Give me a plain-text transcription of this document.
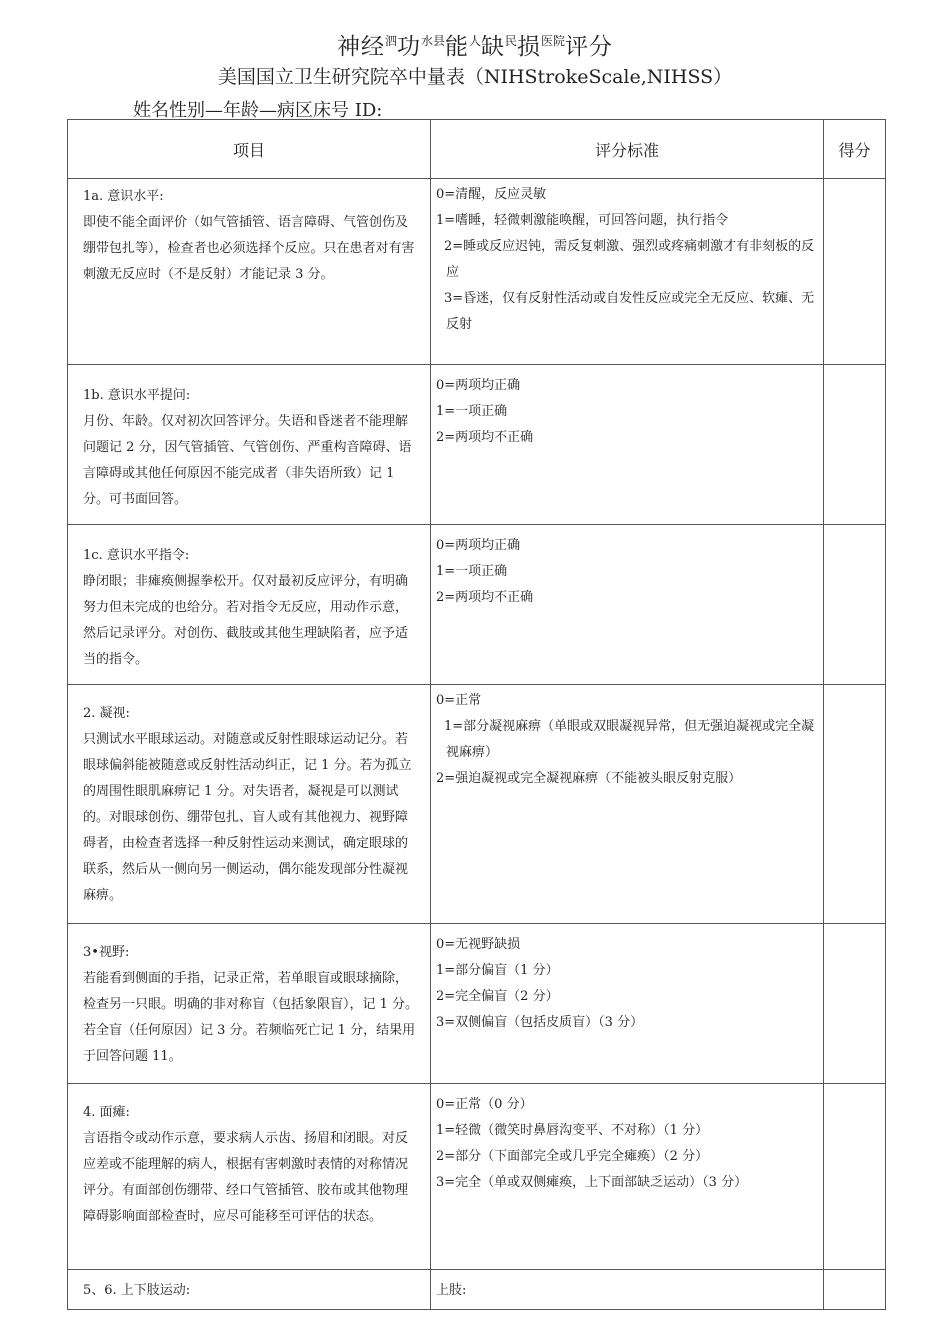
神经$^泗$功$^{水县}$能$^人$缺$^民$损$^{医院}$评分
美国国立卫生研究院卒中量表（NIHStrokeScale,NIHSS）
姓名性别—年龄—病区床号 ID:
项目	评分标准	得分

1a. 意识水平:
即使不能全面评价（如气管插管、语言障碍、气管创伤及绷带包扎等），检查者也必须选择个反应。只在患者对有害刺激无反应时（不是反射）才能记录 3 分。	0=清醒，反应灵敏
1=嗜睡，轻微刺激能唤醒，可回答问题，执行指令
2=睡或反应迟钝，需反复刺激、强烈或疼痛刺激才有非刻板的反应
3=昏迷，仅有反射性活动或自发性反应或完全无反应、软瘫、无反射	

1b. 意识水平提问:
月份、年龄。仅对初次回答评分。失语和昏迷者不能理解问题记 2 分，因气管插管、气管创伤、严重构音障碍、语言障碍或其他任何原因不能完成者（非失语所致）记 1 分。可书面回答。	0=两项均正确
1=一项正确
2=两项均不正确	

1c. 意识水平指令:
睁闭眼；非瘫痪侧握拳松开。仅对最初反应评分，有明确努力但未完成的也给分。若对指令无反应，用动作示意，然后记录评分。对创伤、截肢或其他生理缺陷者，应予适当的指令。	0=两项均正确
1=一项正确
2=两项均不正确	

2. 凝视:
只测试水平眼球运动。对随意或反射性眼球运动记分。若眼球偏斜能被随意或反射性活动纠正，记 1 分。若为孤立的周围性眼肌麻痹记 1 分。对失语者，凝视是可以测试的。对眼球创伤、绷带包扎、盲人或有其他视力、视野障碍者，由检查者选择一种反射性运动来测试，确定眼球的联系，然后从一侧向另一侧运动，偶尔能发现部分性凝视麻痹。	0=正常
1=部分凝视麻痹（单眼或双眼凝视异常，但无强迫凝视或完全凝视麻痹）
2=强迫凝视或完全凝视麻痹（不能被头眼反射克服）	

3•视野:
若能看到侧面的手指，记录正常，若单眼盲或眼球摘除，检查另一只眼。明确的非对称盲（包括象限盲），记 1 分。若全盲（任何原因）记 3 分。若频临死亡记 1 分，结果用于回答问题 11。	0=无视野缺损
1=部分偏盲（1 分）
2=完全偏盲（2 分）
3=双侧偏盲（包括皮质盲）（3 分）	

4. 面瘫:
言语指令或动作示意，要求病人示齿、扬眉和闭眼。对反应差或不能理解的病人，根据有害刺激时表情的对称情况评分。有面部创伤绷带、经口气管插管、胶布或其他物理障碍影响面部检查时，应尽可能移至可评估的状态。	0=正常（0 分）
1=轻微（微笑时鼻唇沟变平、不对称）（1 分）
2=部分（下面部完全或几乎完全瘫痪）（2 分）
3=完全（单或双侧瘫痪，上下面部缺乏运动）（3 分）	

5、6. 上下肢运动:	上肢:	
